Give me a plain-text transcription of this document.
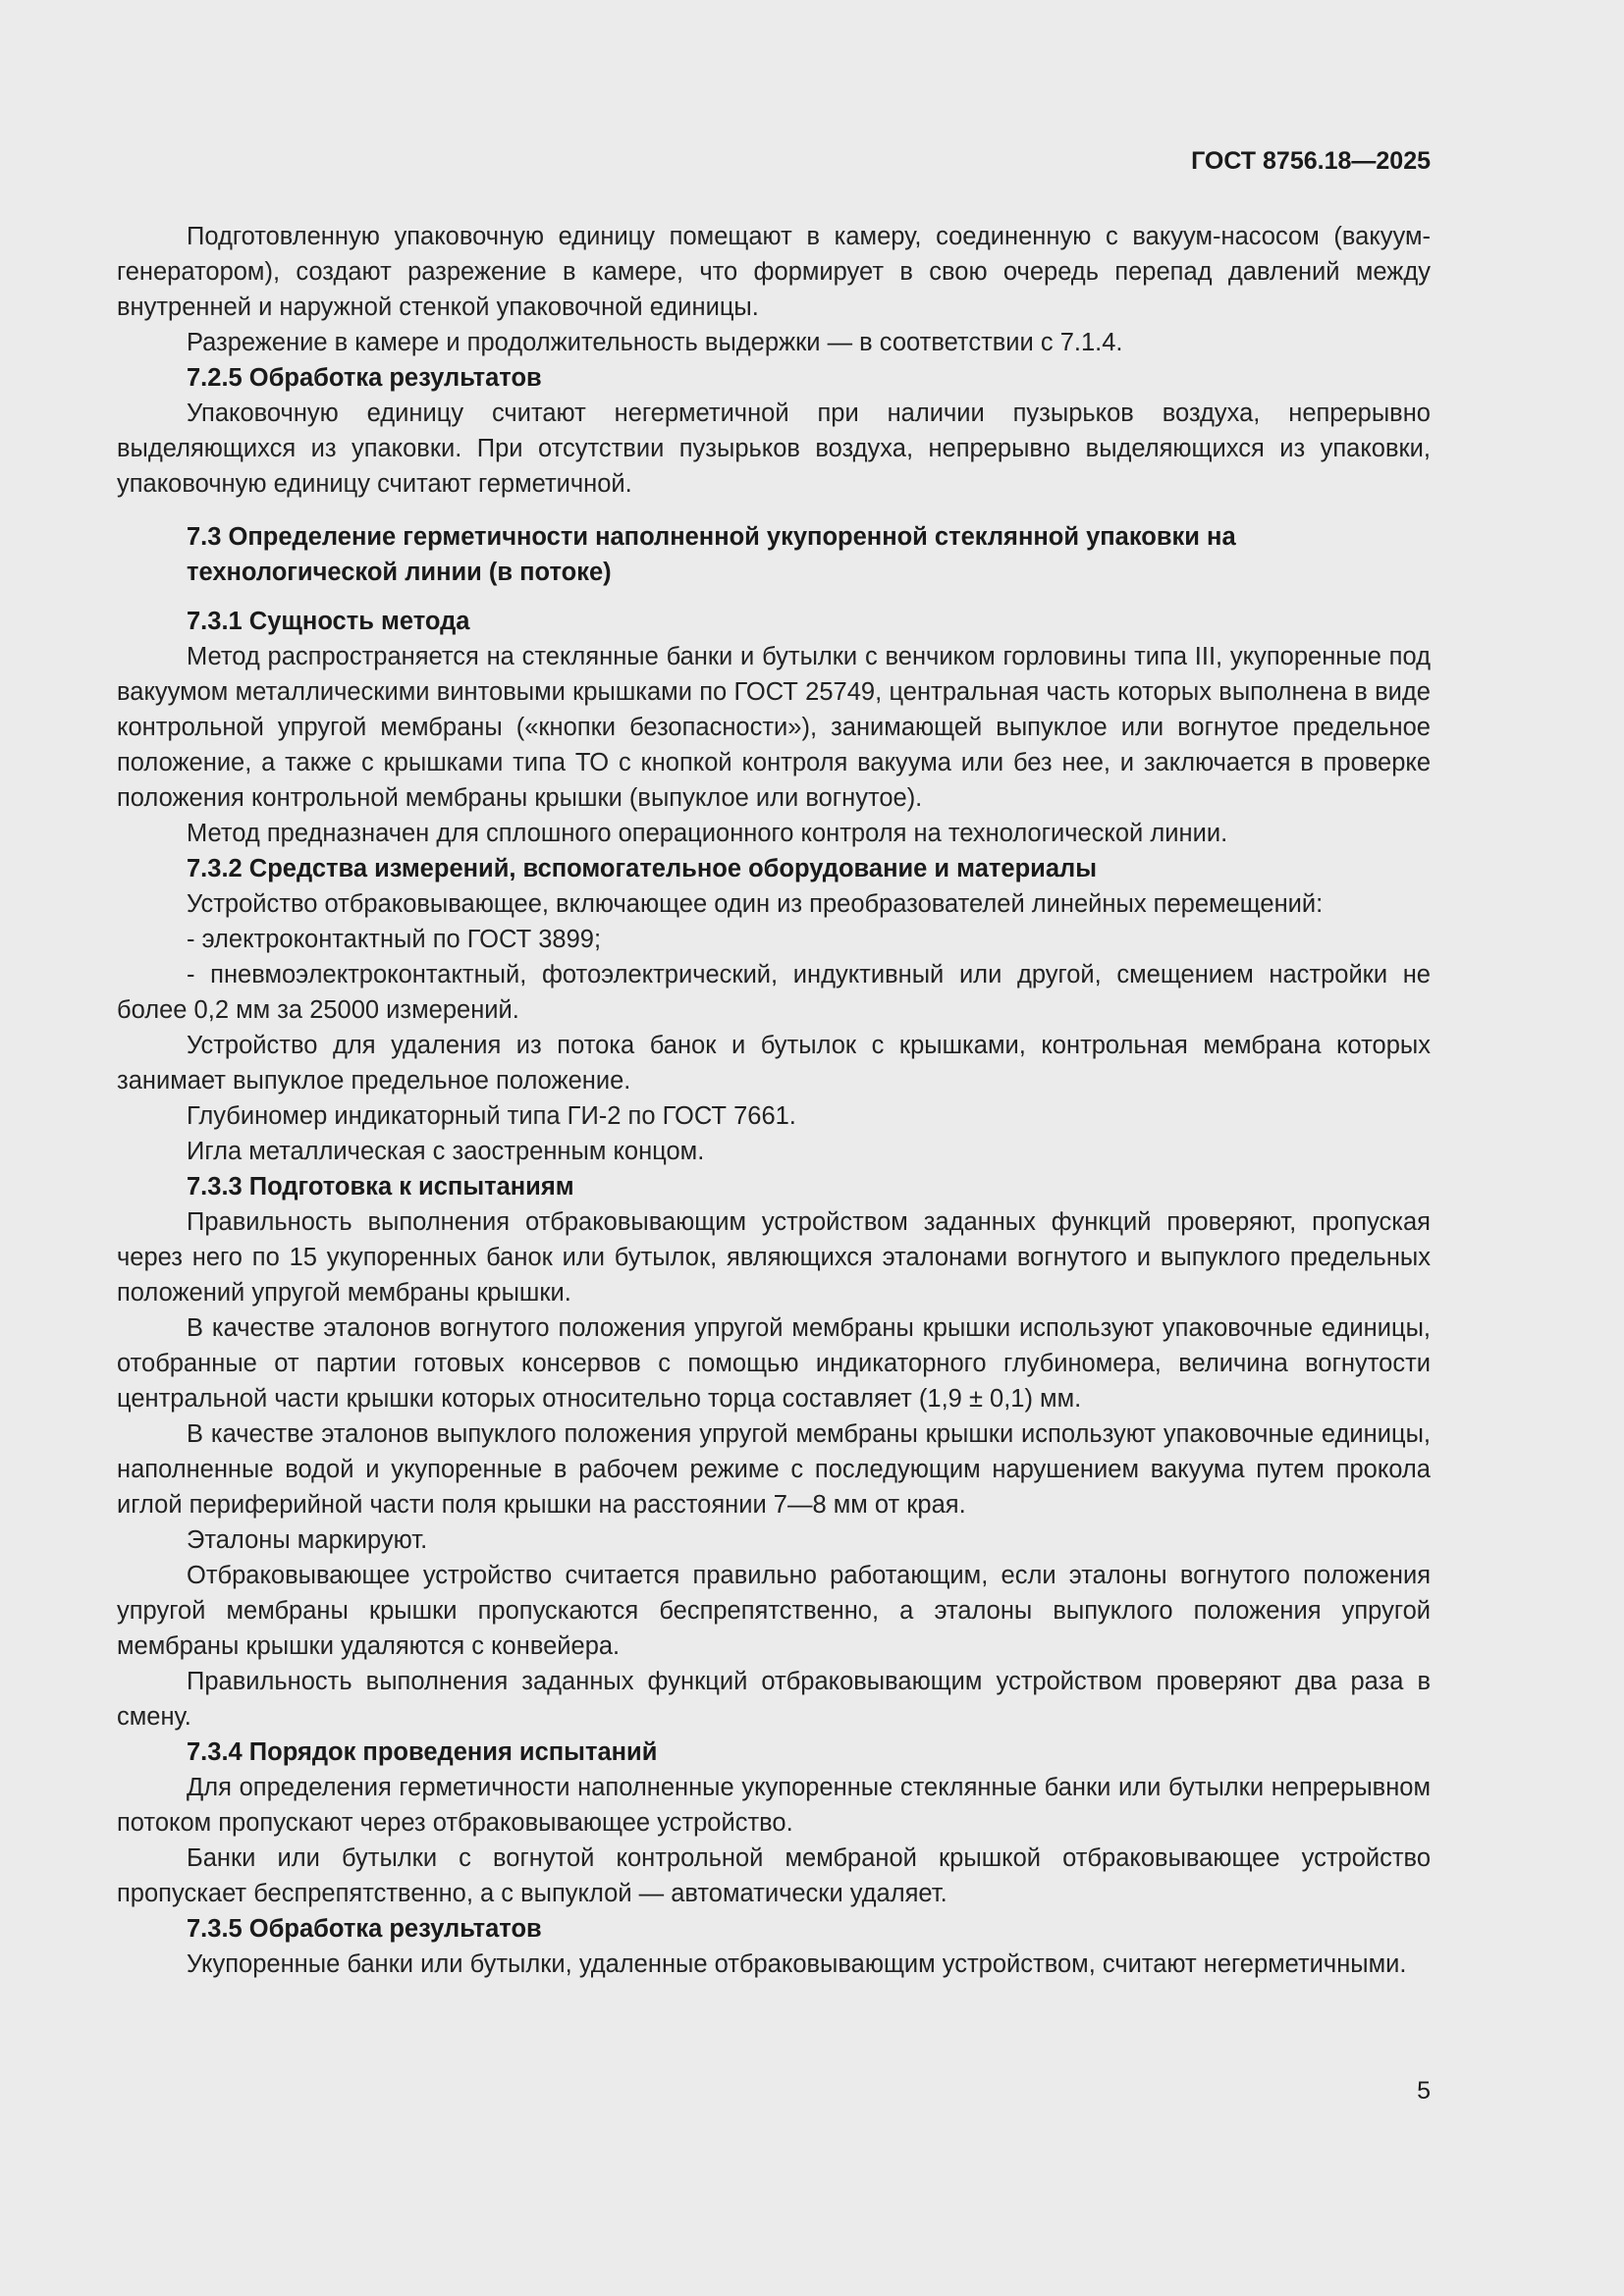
ГОСТ 8756.18—2025

Подготовленную упаковочную единицу помещают в камеру, соединенную с вакуум-насосом (вакуум-генератором), создают разрежение в камере, что формирует в свою очередь перепад давлений между внутренней и наружной стенкой упаковочной единицы.

Разрежение в камере и продолжительность выдержки — в соответствии с 7.1.4.

7.2.5 Обработка результатов

Упаковочную единицу считают негерметичной при наличии пузырьков воздуха, непрерывно выделяющихся из упаковки. При отсутствии пузырьков воздуха, непрерывно выделяющихся из упаковки, упаковочную единицу считают герметичной.

7.3 Определение герметичности наполненной укупоренной стеклянной упаковки на технологической линии (в потоке)
7.3.1 Сущность метода

Метод распространяется на стеклянные банки и бутылки с венчиком горловины типа III, укупоренные под вакуумом металлическими винтовыми крышками по ГОСТ 25749, центральная часть которых выполнена в виде контрольной упругой мембраны («кнопки безопасности»), занимающей выпуклое или вогнутое предельное положение, а также с крышками типа ТО с кнопкой контроля вакуума или без нее, и заключается в проверке положения контрольной мембраны крышки (выпуклое или вогнутое).

Метод предназначен для сплошного операционного контроля на технологической линии.

7.3.2 Средства измерений, вспомогательное оборудование и материалы

Устройство отбраковывающее, включающее один из преобразователей линейных перемещений:

- электроконтактный по ГОСТ 3899;

- пневмоэлектроконтактный, фотоэлектрический, индуктивный или другой, смещением настройки не более 0,2 мм за 25000 измерений.

Устройство для удаления из потока банок и бутылок с крышками, контрольная мембрана которых занимает выпуклое предельное положение.

Глубиномер индикаторный типа ГИ-2 по ГОСТ 7661.

Игла металлическая с заостренным концом.

7.3.3 Подготовка к испытаниям

Правильность выполнения отбраковывающим устройством заданных функций проверяют, пропуская через него по 15 укупоренных банок или бутылок, являющихся эталонами вогнутого и выпуклого предельных положений упругой мембраны крышки.

В качестве эталонов вогнутого положения упругой мембраны крышки используют упаковочные единицы, отобранные от партии готовых консервов с помощью индикаторного глубиномера, величина вогнутости центральной части крышки которых относительно торца составляет (1,9 ± 0,1) мм.

В качестве эталонов выпуклого положения упругой мембраны крышки используют упаковочные единицы, наполненные водой и укупоренные в рабочем режиме с последующим нарушением вакуума путем прокола иглой периферийной части поля крышки на расстоянии 7—8 мм от края.

Эталоны маркируют.

Отбраковывающее устройство считается правильно работающим, если эталоны вогнутого положения упругой мембраны крышки пропускаются беспрепятственно, а эталоны выпуклого положения упругой мембраны крышки удаляются с конвейера.

Правильность выполнения заданных функций отбраковывающим устройством проверяют два раза в смену.

7.3.4 Порядок проведения испытаний

Для определения герметичности наполненные укупоренные стеклянные банки или бутылки непрерывном потоком пропускают через отбраковывающее устройство.

Банки или бутылки с вогнутой контрольной мембраной крышкой отбраковывающее устройство пропускает беспрепятственно, а с выпуклой — автоматически удаляет.

7.3.5 Обработка результатов

Укупоренные банки или бутылки, удаленные отбраковывающим устройством, считают негерметичными.

5
